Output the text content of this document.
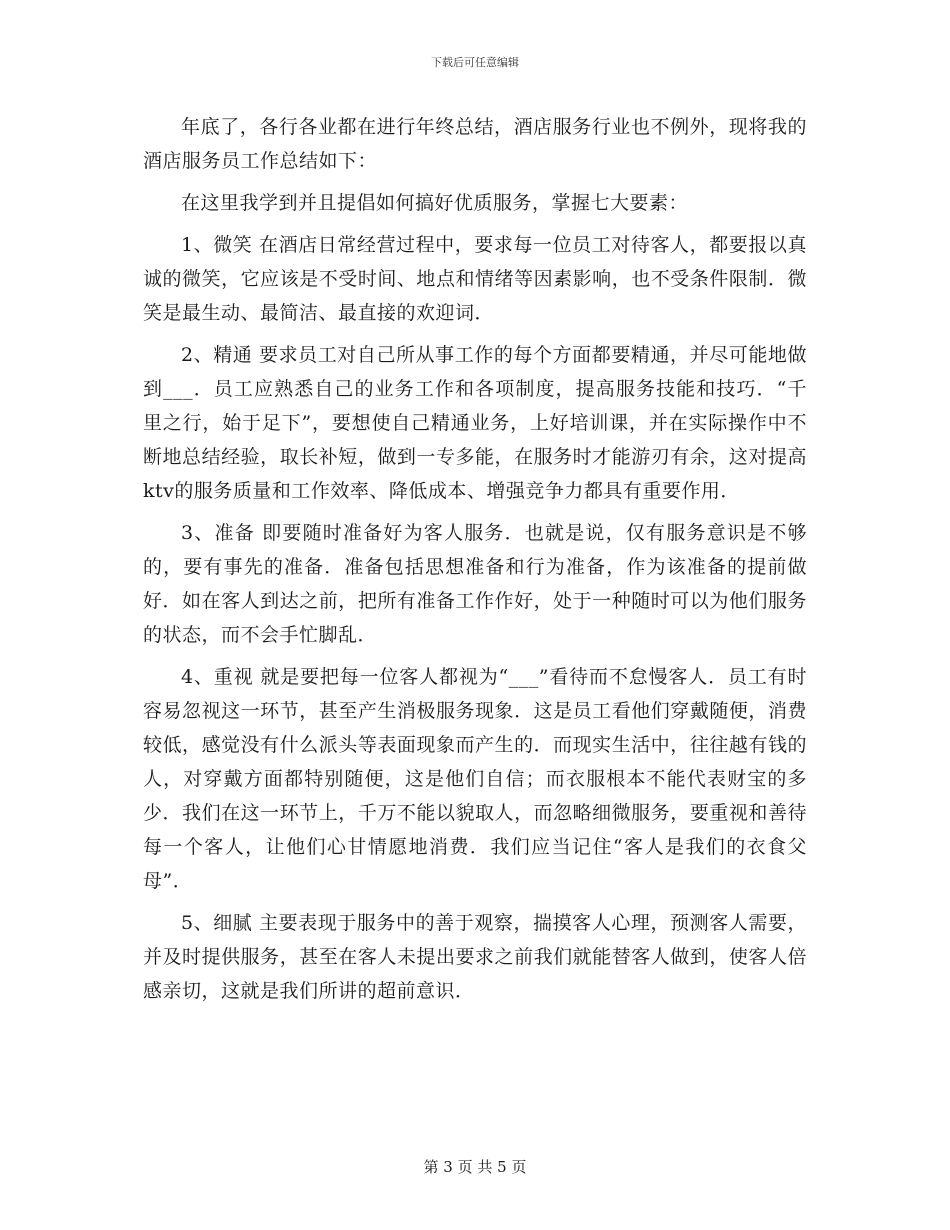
下载后可任意编辑

年底了，各行各业都在进行年终总结，酒店服务行业也不例外，现将我的酒店服务员工作总结如下：

在这里我学到并且提倡如何搞好优质服务，掌握七大要素：

1、微笑 在酒店日常经营过程中，要求每一位员工对待客人，都要报以真诚的微笑，它应该是不受时间、地点和情绪等因素影响，也不受条件限制．微笑是最生动、最简洁、最直接的欢迎词．

2、精通 要求员工对自己所从事工作的每个方面都要精通，并尽可能地做到___．员工应熟悉自己的业务工作和各项制度，提高服务技能和技巧．“千里之行，始于足下”，要想使自己精通业务，上好培训课，并在实际操作中不断地总结经验，取长补短，做到一专多能，在服务时才能游刃有余，这对提高ktv的服务质量和工作效率、降低成本、增强竞争力都具有重要作用．

3、准备 即要随时准备好为客人服务．也就是说，仅有服务意识是不够的，要有事先的准备．准备包括思想准备和行为准备，作为该准备的提前做好．如在客人到达之前，把所有准备工作作好，处于一种随时可以为他们服务的状态，而不会手忙脚乱．

4、重视 就是要把每一位客人都视为“___”看待而不怠慢客人．员工有时容易忽视这一环节，甚至产生消极服务现象．这是员工看他们穿戴随便，消费较低，感觉没有什么派头等表面现象而产生的．而现实生活中，往往越有钱的人，对穿戴方面都特别随便，这是他们自信；而衣服根本不能代表财宝的多少．我们在这一环节上，千万不能以貌取人，而忽略细微服务，要重视和善待每一个客人，让他们心甘情愿地消费．我们应当记住“客人是我们的衣食父母”．

5、细腻 主要表现于服务中的善于观察，揣摸客人心理，预测客人需要，并及时提供服务，甚至在客人未提出要求之前我们就能替客人做到，使客人倍感亲切，这就是我们所讲的超前意识．

第 3 页 共 5 页
